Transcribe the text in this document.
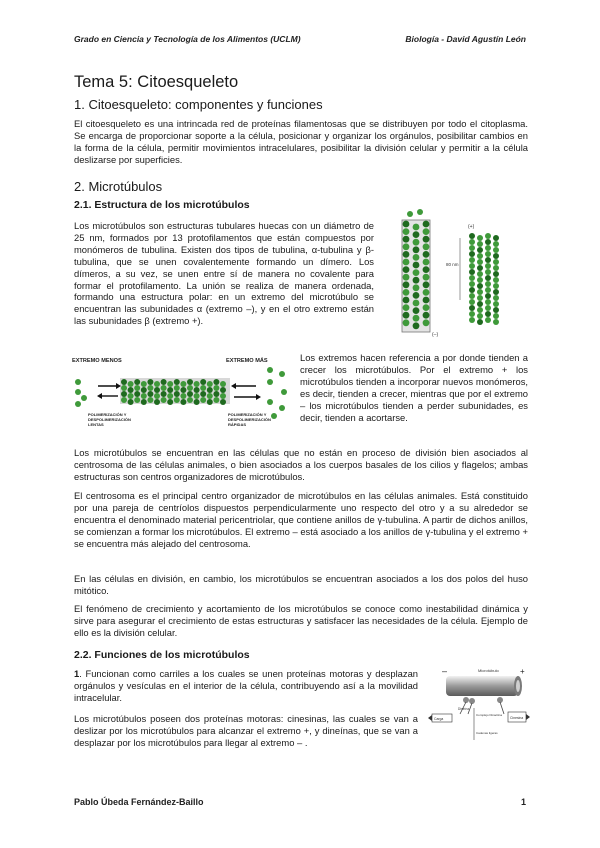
Grado en Ciencia y Tecnología de los Alimentos (UCLM)	Biología - David Agustín León
Tema 5: Citoesqueleto
1. Citoesqueleto: componentes y funciones

El citoesqueleto es una intrincada red de proteínas filamentosas que se distribuyen por todo el citoplasma. Se encarga de proporcionar soporte a la célula, posicionar y organizar los orgánulos, posibilitar cambios en la forma de la célula, permitir movimientos intracelulares, posibilitar la división celular y permitir a la célula deslizarse por superficies.

2. Microtúbulos
2.1. Estructura de los microtúbulos

Los microtúbulos son estructuras tubulares huecas con un diámetro de 25 nm, formados por 13 protofilamentos que están compuestos por monómeros de tubulina. Existen dos tipos de tubulina, α-tubulina y β-tubulina, que se unen covalentemente formando un dímero. Los dímeros, a su vez, se unen entre sí de manera no covalente para formar el protofilamento. La unión se realiza de manera ordenada, formando una estructura polar: en un extremo del microtúbulo se encuentran las subunidades α (extremo –), y en el otro extremo están las subunidades β (extremo +).

(+)
80 nm
(–)
EXTREMO MENOS	EXTREMO MÁS
POLIMERIZACIÓN Y DESPOLIMERIZACIÓN LENTAS
POLIMERIZACIÓN Y DESPOLIMERIZACIÓN RÁPIDAS

Los extremos hacen referencia a por donde tienden a crecer los microtúbulos. Por el extremo + los microtúbulos tienden a incorporar nuevos monómeros, es decir, tienden a crecer, mientras que por el extremo – los microtúbulos tienden a perder subunidades, es decir, tienden a acortarse.

Los microtúbulos se encuentran en las células que no están en proceso de división bien asociados al centrosoma de las células animales, o bien asociados a los cuerpos basales de los cilios y flagelos; ambas estructuras son centros organizadores de microtúbulos.

El centrosoma es el principal centro organizador de microtúbulos en las células animales. Está constituido por una pareja de centríolos dispuestos perpendicularmente uno respecto del otro y a su alrededor se encuentra el denominado material pericentriolar, que contiene anillos de γ-tubulina. A partir de dichos anillos, se comienzan a formar los microtúbulos. El extremo – está asociado a los anillos de γ-tubulina y el extremo + se encuentra más alejado del centrosoma.

En las células en división, en cambio, los microtúbulos se encuentran asociados a los dos polos del huso mitótico.

El fenómeno de crecimiento y acortamiento de los microtúbulos se conoce como inestabilidad dinámica y sirve para asegurar el crecimiento de estas estructuras y satisfacer las necesidades de la célula. Ejemplo de ello es la división celular.

2.2. Funciones de los microtúbulos

1. Funcionan como carriles a los cuales se unen proteínas motoras y desplazan orgánulos y vesículas en el interior de la célula, contribuyendo así a la movilidad intracelular.

Los microtúbulos poseen dos proteínas motoras: cinesinas, las cuales se van a deslizar por los microtúbulos para alcanzar el extremo +, y dineínas, que se van a desplazar por los microtúbulos para llegar al extremo – .

–	+
Microtúbulo
Carga	Cinesina
Dineína
Complejo Dinactina
Cadenas ligeras
Pablo Úbeda Fernández-Baillo	1
